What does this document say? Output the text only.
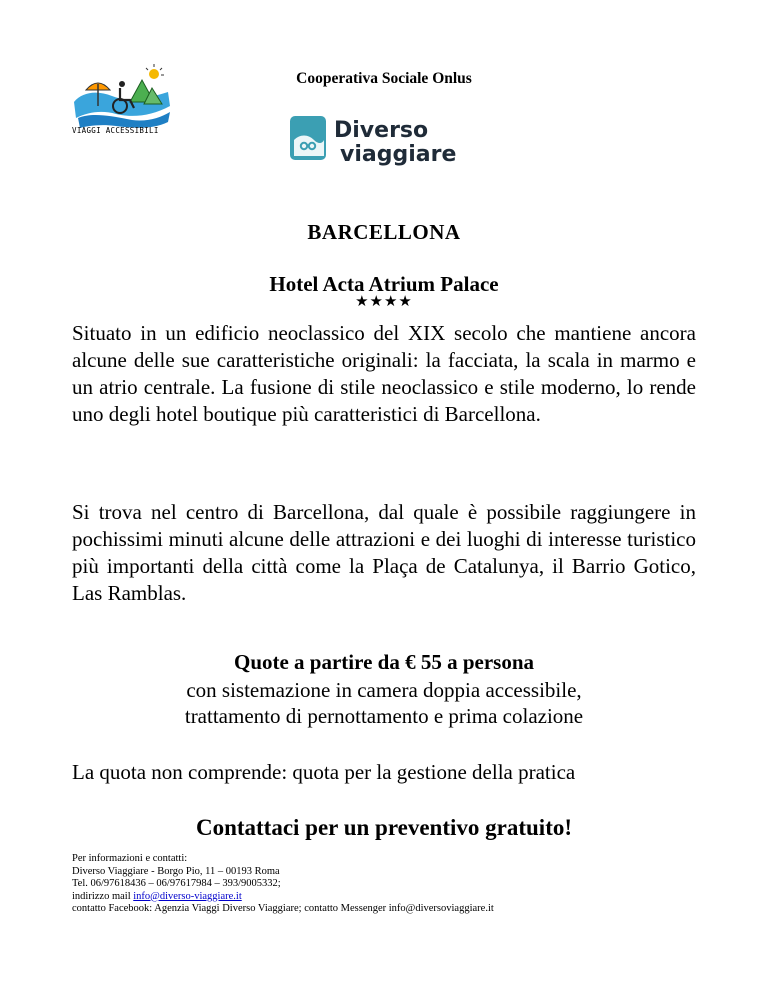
VIAGGI ACCESSIBILI
Cooperativa Sociale Onlus
Diverso
viaggiare
BARCELLONA
Hotel Acta Atrium Palace
★★★★
Situato in un edificio neoclassico del XIX secolo che mantiene ancora alcune delle sue caratteristiche originali: la facciata, la scala in marmo e un atrio centrale. La fusione di stile neoclassico e stile moderno, lo rende uno degli hotel boutique più caratteristici di Barcellona.
Si trova nel centro di Barcellona, dal quale è possibile raggiungere in pochissimi minuti alcune delle attrazioni e dei luoghi di interesse turistico più importanti della città come la Plaça de Catalunya, il Barrio Gotico, Las Ramblas.
Quote a partire da € 55 a persona
con sistemazione in camera doppia accessibile,
trattamento di pernottamento e prima colazione
La quota non comprende: quota per la gestione della pratica
Contattaci per un preventivo gratuito!
Per informazioni e contatti:
Diverso Viaggiare - Borgo Pio, 11 – 00193 Roma
Tel. 06/97618436 – 06/97617984 – 393/9005332;
indirizzo mail info@diverso-viaggiare.it
contatto Facebook: Agenzia Viaggi Diverso Viaggiare; contatto Messenger info@diversoviaggiare.it
